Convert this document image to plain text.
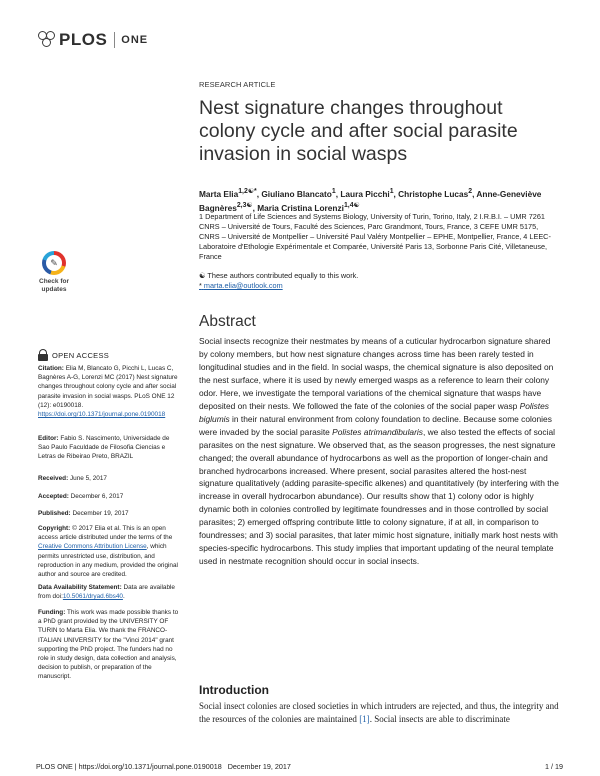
PLOS ONE
RESEARCH ARTICLE
Nest signature changes throughout colony cycle and after social parasite invasion in social wasps
Marta Elia$^{1,2☯*}$, Giuliano Blancato$^1$, Laura Picchi$^1$, Christophe Lucas$^2$, Anne-Geneviève Bagnères$^{2,3☯}$, Maria Cristina Lorenzi$^{1,4☯}$
1 Department of Life Sciences and Systems Biology, University of Turin, Torino, Italy, 2 I.R.B.I. – UMR 7261 CNRS – Université de Tours, Faculté des Sciences, Parc Grandmont, Tours, France, 3 CEFE UMR 5175, CNRS – Université de Montpellier – Université Paul Valéry Montpellier – EPHE, Montpellier, France, 4 LEEC-Laboratoire d'Ethologie Expérimentale et Comparée, Université Paris 13, Sorbonne Paris Cité, Villetaneuse, France
☯ These authors contributed equally to this work.
* marta.elia@outlook.com
Abstract
Social insects recognize their nestmates by means of a cuticular hydrocarbon signature shared by colony members, but how nest signature changes across time has been rarely tested in longitudinal studies and in the field. In social wasps, the chemical signature is also deposited on the nest surface, where it is used by newly emerged wasps as a reference to learn their colony odor. Here, we investigate the temporal variations of the chemical signature that wasps have deposited on their nests. We followed the fate of the colonies of the social paper wasp Polistes biglumis in their natural environment from colony foundation to decline. Because some colonies were invaded by the social parasite Polistes atrimandibularis, we also tested the effects of social parasites on the nest signature. We observed that, as the season progresses, the nest signature changed; the overall abundance of hydrocarbons as well as the proportion of longer-chain and branched hydrocarbons increased. Where present, social parasites altered the host-nest signature qualitatively (adding parasite-specific alkenes) and quantitatively (by interfering with the increase in overall hydrocarbon abundance). Our results show that 1) colony odor is highly dynamic both in colonies controlled by legitimate foundresses and in those controlled by social parasites; 2) emerged offspring contribute little to colony signature, if at all, in comparison to foundresses; and 3) social parasites, that later mimic host signature, initially mark host nests with species-specific hydrocarbons. This study implies that important updating of the neural template used in nestmate recognition should occur in social insects.
Introduction
Social insect colonies are closed societies in which intruders are rejected, and thus, the integrity and the resources of the colonies are maintained [1]. Social insects are able to discriminate
✎
Check for updates
OPEN ACCESS
Citation: Elia M, Blancato G, Picchi L, Lucas C, Bagnères A-G, Lorenzi MC (2017) Nest signature changes throughout colony cycle and after social parasite invasion in social wasps. PLoS ONE 12 (12): e0190018. https://doi.org/10.1371/journal.pone.0190018
Editor: Fabio S. Nascimento, Universidade de Sao Paulo Faculdade de Filosofia Ciencias e Letras de Ribeirao Preto, BRAZIL
Received: June 5, 2017
Accepted: December 6, 2017
Published: December 19, 2017
Copyright: © 2017 Elia et al. This is an open access article distributed under the terms of the Creative Commons Attribution License, which permits unrestricted use, distribution, and reproduction in any medium, provided the original author and source are credited.
Data Availability Statement: Data are available from doi:10.5061/dryad.6bs40.
Funding: This work was made possible thanks to a PhD grant provided by the UNIVERSITY OF TURIN to Marta Elia. We thank the FRANCO-ITALIAN UNIVERSITY for the "Vinci 2014" grant supporting the PhD project. The funders had no role in study design, data collection and analysis, decision to publish, or preparation of the manuscript.
PLOS ONE | https://doi.org/10.1371/journal.pone.0190018 December 19, 2017	1 / 19
